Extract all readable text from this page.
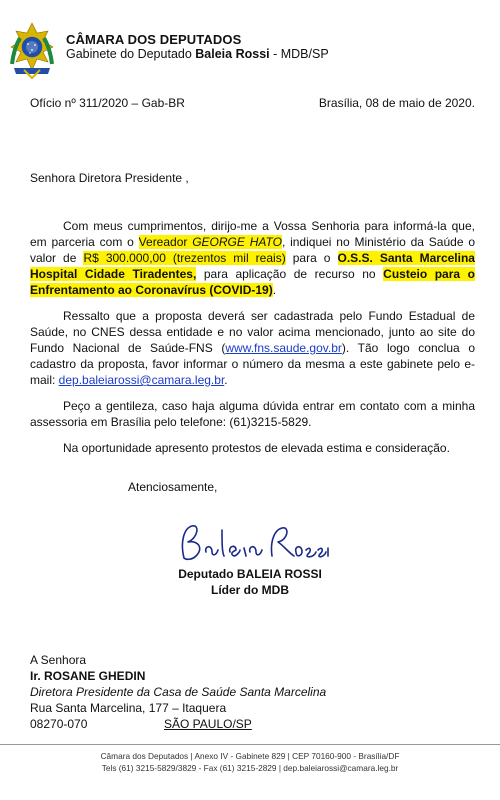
CÂMARA DOS DEPUTADOS
Gabinete do Deputado Baleia Rossi - MDB/SP
Ofício nº 311/2020 – Gab-BR	Brasília, 08 de maio de 2020.

Senhora Diretora Presidente ,

Com meus cumprimentos, dirijo-me a Vossa Senhoria para informá-la que, em parceria com o Vereador GEORGE HATO, indiquei no Ministério da Saúde o valor de R$ 300.000,00 (trezentos mil reais) para o O.S.S. Santa Marcelina Hospital Cidade Tiradentes, para aplicação de recurso no Custeio para o Enfrentamento ao Coronavírus (COVID-19).

Ressalto que a proposta deverá ser cadastrada pelo Fundo Estadual de Saúde, no CNES dessa entidade e no valor acima mencionado, junto ao site do Fundo Nacional de Saúde-FNS (www.fns.saude.gov.br). Tão logo conclua o cadastro da proposta, favor informar o número da mesma a este gabinete pelo e-mail: dep.baleiarossi@camara.leg.br.

Peço a gentileza, caso haja alguma dúvida entrar em contato com a minha assessoria em Brasília pelo telefone: (61)3215-5829.

Na oportunidade apresento protestos de elevada estima e consideração.

Atenciosamente,
Deputado BALEIA ROSSI
Líder do MDB
A Senhora
Ir. ROSANE GHEDIN
Diretora Presidente da Casa de Saúde Santa Marcelina
Rua Santa Marcelina, 177 – Itaquera
08270-070	SÃO PAULO/SP
Câmara dos Deputados | Anexo IV - Gabinete 829 | CEP 70160-900 - Brasília/DF
Tels (61) 3215-5829/3829 - Fax (61) 3215-2829 | dep.baleiarossi@camara.leg.br
